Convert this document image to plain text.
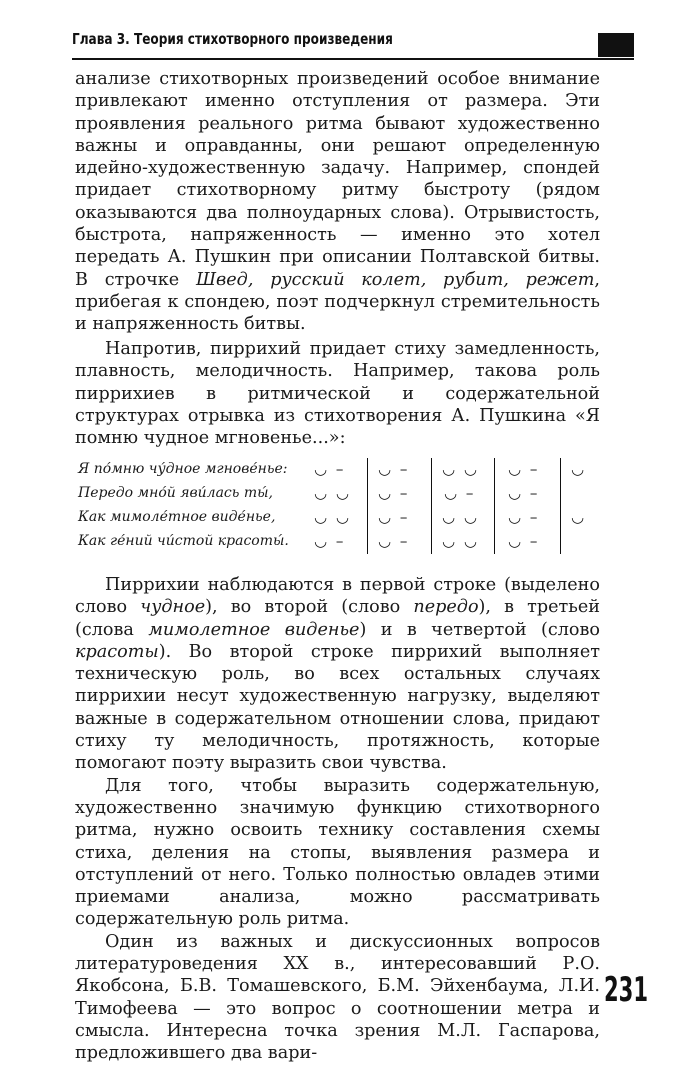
Глава 3. Теория стихотворного произведения

анализе стихотворных произведений особое внимание привлекают именно отступления от размера. Эти проявления реального ритма бывают художественно важны и оправданны, они решают определенную идейно-художественную задачу. Например, спондей придает стихотворному ритму быстроту (рядом оказываются два полноударных слова). Отрывистость, быстрота, напряженность — именно это хотел передать А. Пушкин при описании Полтавской битвы. В строчке Швед, русский колет, рубит, режет, прибегая к спондею, поэт подчеркнул стремительность и напряженность битвы.

Напротив, пиррихий придает стиху замедленность, плавность, мелодичность. Например, такова роль пиррихиев в ритмической и содержательной структурах отрывка из стихотворения А. Пушкина «Я помню чудное мгновенье...»:

Я по́мню чу́дное мгнове́нье:
Передо мно́й яви́лась ты́,
Как мимоле́тное виде́нье,
Как ге́ний чи́стой красоты́.
◡ – ◡ – ◡ ◡ ◡ – ◡
◡ ◡ ◡ – ◡ – ◡ –
◡ ◡ ◡ – ◡ ◡ ◡ – ◡
◡ – ◡ – ◡ ◡ ◡ –

Пиррихии наблюдаются в первой строке (выделено слово чудное), во второй (слово передо), в третьей (слова мимолетное виденье) и в четвертой (слово красоты). Во второй строке пиррихий выполняет техническую роль, во всех остальных случаях пиррихии несут художественную нагрузку, выделяют важные в содержательном отношении слова, придают стиху ту мелодичность, протяжность, которые помогают поэту выразить свои чувства.

Для того, чтобы выразить содержательную, художественно значимую функцию стихотворного ритма, нужно освоить технику составления схемы стиха, деления на стопы, выявления размера и отступлений от него. Только полностью овладев этими приемами анализа, можно рассматривать содержательную роль ритма.

Один из важных и дискуссионных вопросов литературоведения XX в., интересовавший Р.О. Якобсона, Б.В. Томашевского, Б.М. Эйхенбаума, Л.И. Тимофеева — это вопрос о соотношении метра и смысла. Интересна точка зрения М.Л. Гаспарова, предложившего два вари-

231
